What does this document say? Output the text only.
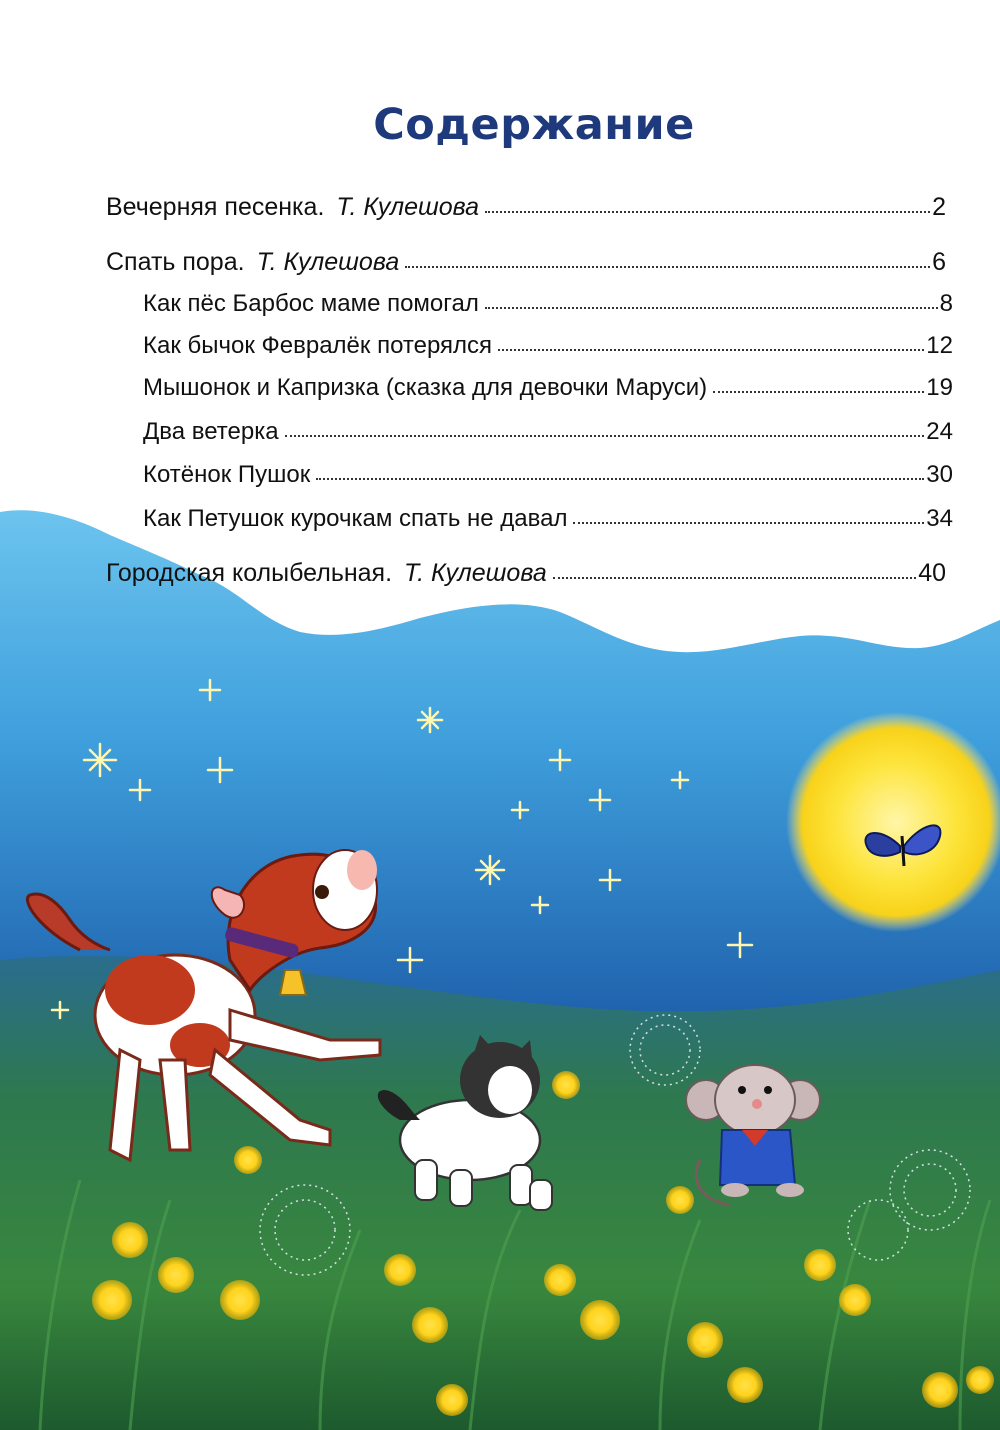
Содержание
Вечерняя песенка. Т. Кулешова	2
Спать пора. Т. Кулешова	6
Как пёс Барбос маме помогал	8
Как бычок Февралёк потерялся	12
Мышонок и Капризка (сказка для девочки Маруси)	19
Два ветерка	24
Котёнок Пушок	30
Как Петушок курочкам спать не давал	34
Городская колыбельная. Т. Кулешова	40
